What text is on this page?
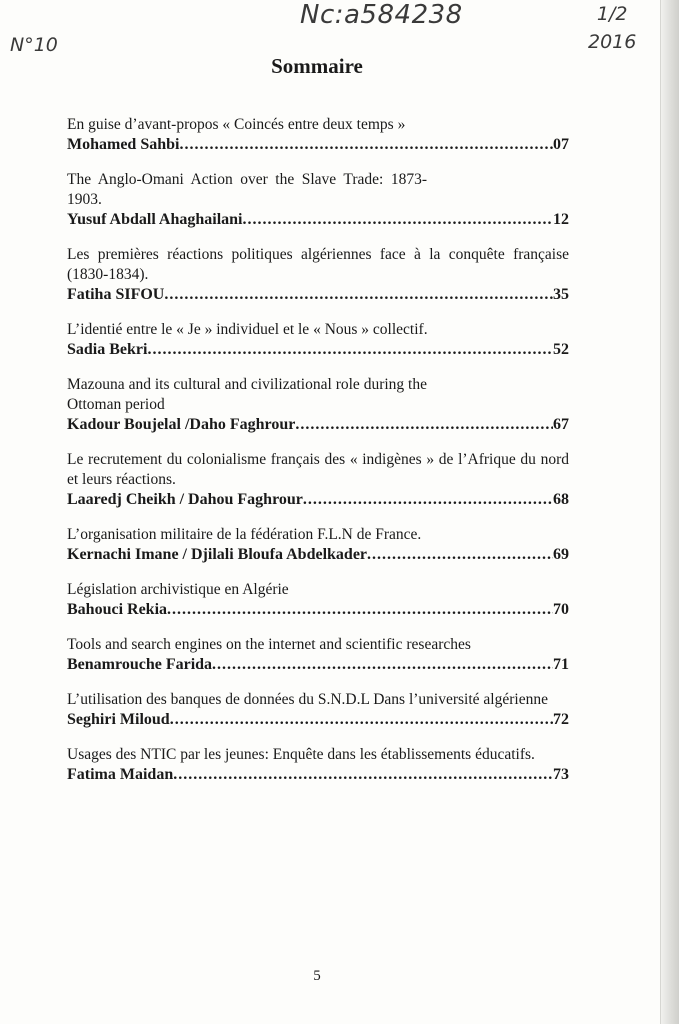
Nc:a584238
N°10
1/2
2016
Sommaire
En guise d’avant-propos « Coincés entre deux temps »
Mohamed Sahbi .....	07
The Anglo-Omani Action over the Slave Trade: 1873-1903.
Yusuf Abdall Ahaghailani .....	12
Les premières réactions politiques algériennes face à la conquête française (1830-1834).
Fatiha SIFOU .....	35
L’identié entre le « Je » individuel et le « Nous » collectif.
Sadia Bekri .....	52
Mazouna and its cultural and civilizational role during the Ottoman period
Kadour Boujelal /Daho Faghrour .....	67
Le recrutement du colonialisme français des « indigènes » de l’Afrique du nord et leurs réactions.
Laaredj Cheikh / Dahou Faghrour .....	68
L’organisation militaire de la fédération F.L.N de France.
Kernachi Imane / Djilali Bloufa Abdelkader .....	69
Législation archivistique en Algérie
Bahouci Rekia .....	70
Tools and search engines on the internet and scientific researches
Benamrouche Farida .....	71
L’utilisation des banques de données du S.N.D.L Dans l’université algérienne
Seghiri Miloud .....	72
Usages des NTIC par les jeunes: Enquête dans les établissements éducatifs.
Fatima Maidan .....	73
5
